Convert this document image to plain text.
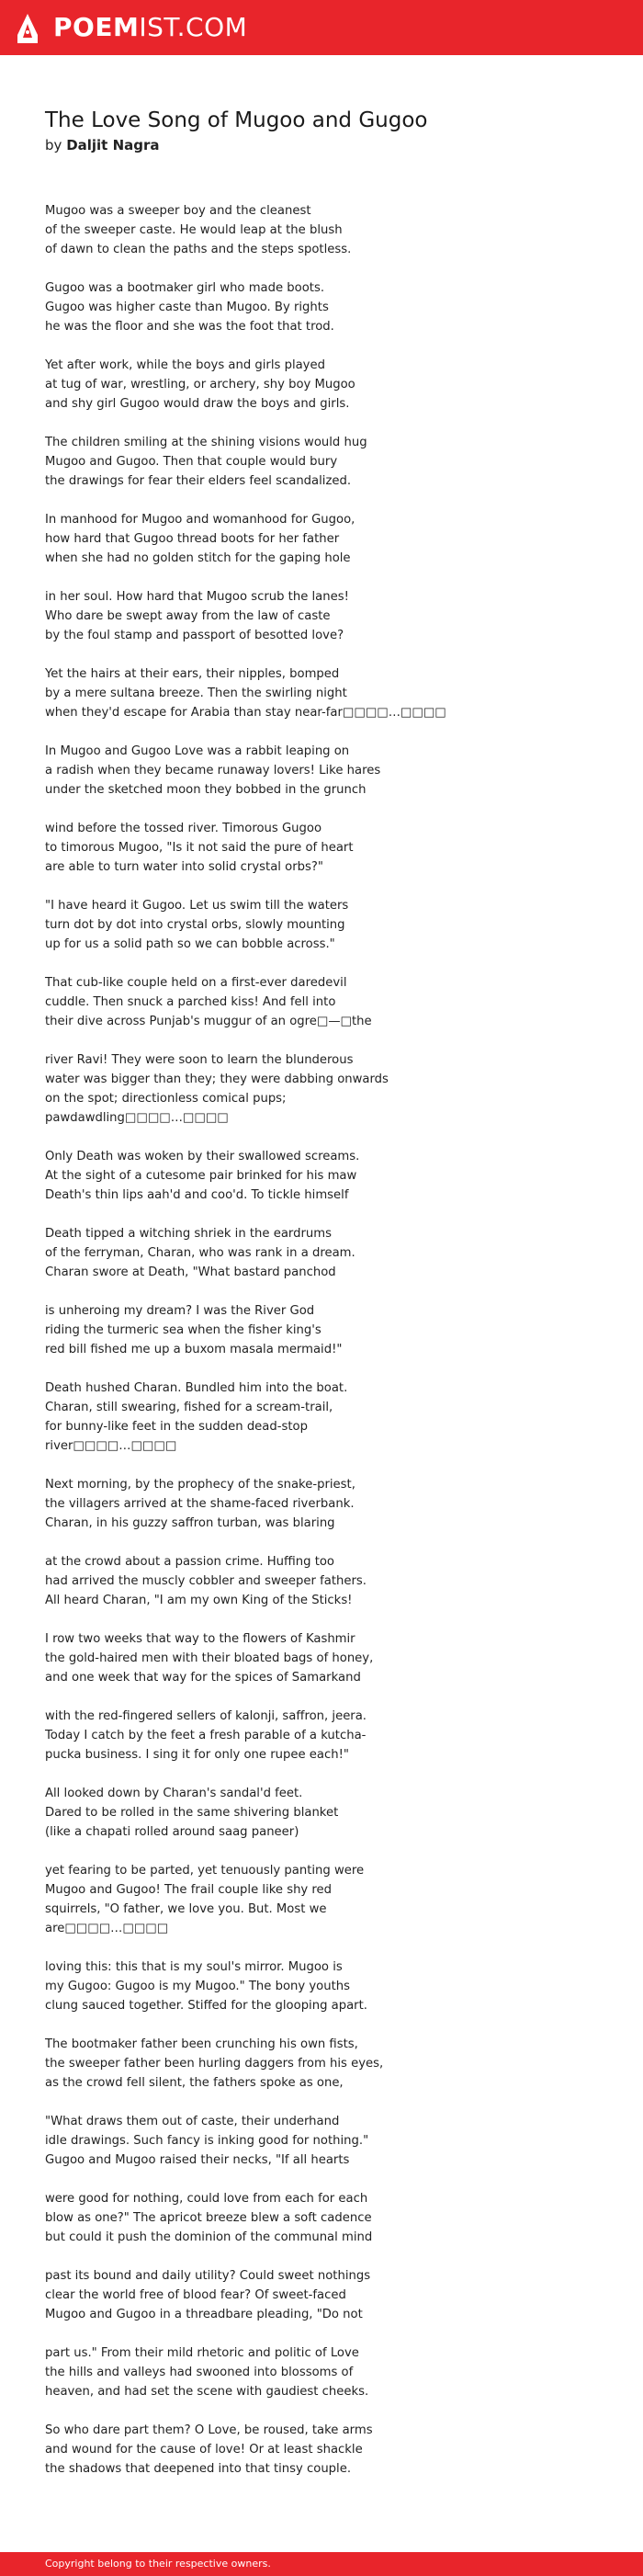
POEMIST.COM
The Love Song of Mugoo and Gugoo
by Daljit Nagra
Mugoo was a sweeper boy and the cleanest
of the sweeper caste. He would leap at the blush
of dawn to clean the paths and the steps spotless.
Gugoo was a bootmaker girl who made boots.
Gugoo was higher caste than Mugoo. By rights
he was the floor and she was the foot that trod.
Yet after work, while the boys and girls played
at tug of war, wrestling, or archery, shy boy Mugoo
and shy girl Gugoo would draw the boys and girls.
The children smiling at the shining visions would hug
Mugoo and Gugoo. Then that couple would bury
the drawings for fear their elders feel scandalized.
In manhood for Mugoo and womanhood for Gugoo,
how hard that Gugoo thread boots for her father
when she had no golden stitch for the gaping hole
in her soul. How hard that Mugoo scrub the lanes!
Who dare be swept away from the law of caste
by the foul stamp and passport of besotted love?
Yet the hairs at their ears, their nipples, bomped
by a mere sultana breeze. Then the swirling night
when they'd escape for Arabia than stay near-far□□□□…□□□□
In Mugoo and Gugoo Love was a rabbit leaping on
a radish when they became runaway lovers! Like hares
under the sketched moon they bobbed in the grunch
wind before the tossed river. Timorous Gugoo
to timorous Mugoo, "Is it not said the pure of heart
are able to turn water into solid crystal orbs?"
"I have heard it Gugoo. Let us swim till the waters
turn dot by dot into crystal orbs, slowly mounting
up for us a solid path so we can bobble across."
That cub-like couple held on a first-ever daredevil
cuddle. Then snuck a parched kiss! And fell into
their dive across Punjab's muggur of an ogre□—□the
river Ravi! They were soon to learn the blunderous
water was bigger than they; they were dabbing onwards
on the spot; directionless comical pups;
pawdawdling□□□□…□□□□
Only Death was woken by their swallowed screams.
At the sight of a cutesome pair brinked for his maw
Death's thin lips aah'd and coo'd. To tickle himself
Death tipped a witching shriek in the eardrums
of the ferryman, Charan, who was rank in a dream.
Charan swore at Death, "What bastard panchod
is unheroing my dream? I was the River God
riding the turmeric sea when the fisher king's
red bill fished me up a buxom masala mermaid!"
Death hushed Charan. Bundled him into the boat.
Charan, still swearing, fished for a scream-trail,
for bunny-like feet in the sudden dead-stop
river□□□□…□□□□
Next morning, by the prophecy of the snake-priest,
the villagers arrived at the shame-faced riverbank.
Charan, in his guzzy saffron turban, was blaring
at the crowd about a passion crime. Huffing too
had arrived the muscly cobbler and sweeper fathers.
All heard Charan, "I am my own King of the Sticks!
I row two weeks that way to the flowers of Kashmir
the gold-haired men with their bloated bags of honey,
and one week that way for the spices of Samarkand
with the red-fingered sellers of kalonji, saffron, jeera.
Today I catch by the feet a fresh parable of a kutcha-
pucka business. I sing it for only one rupee each!"
All looked down by Charan's sandal'd feet.
Dared to be rolled in the same shivering blanket
(like a chapati rolled around saag paneer)
yet fearing to be parted, yet tenuously panting were
Mugoo and Gugoo! The frail couple like shy red
squirrels, "O father, we love you. But. Most we
are□□□□…□□□□
loving this: this that is my soul's mirror. Mugoo is
my Gugoo: Gugoo is my Mugoo." The bony youths
clung sauced together. Stiffed for the glooping apart.
The bootmaker father been crunching his own fists,
the sweeper father been hurling daggers from his eyes,
as the crowd fell silent, the fathers spoke as one,
"What draws them out of caste, their underhand
idle drawings. Such fancy is inking good for nothing."
Gugoo and Mugoo raised their necks, "If all hearts
were good for nothing, could love from each for each
blow as one?" The apricot breeze blew a soft cadence
but could it push the dominion of the communal mind
past its bound and daily utility? Could sweet nothings
clear the world free of blood fear? Of sweet-faced
Mugoo and Gugoo in a threadbare pleading, "Do not
part us." From their mild rhetoric and politic of Love
the hills and valleys had swooned into blossoms of
heaven, and had set the scene with gaudiest cheeks.
So who dare part them? O Love, be roused, take arms
and wound for the cause of love! Or at least shackle
the shadows that deepened into that tinsy couple.
Copyright belong to their respective owners.
